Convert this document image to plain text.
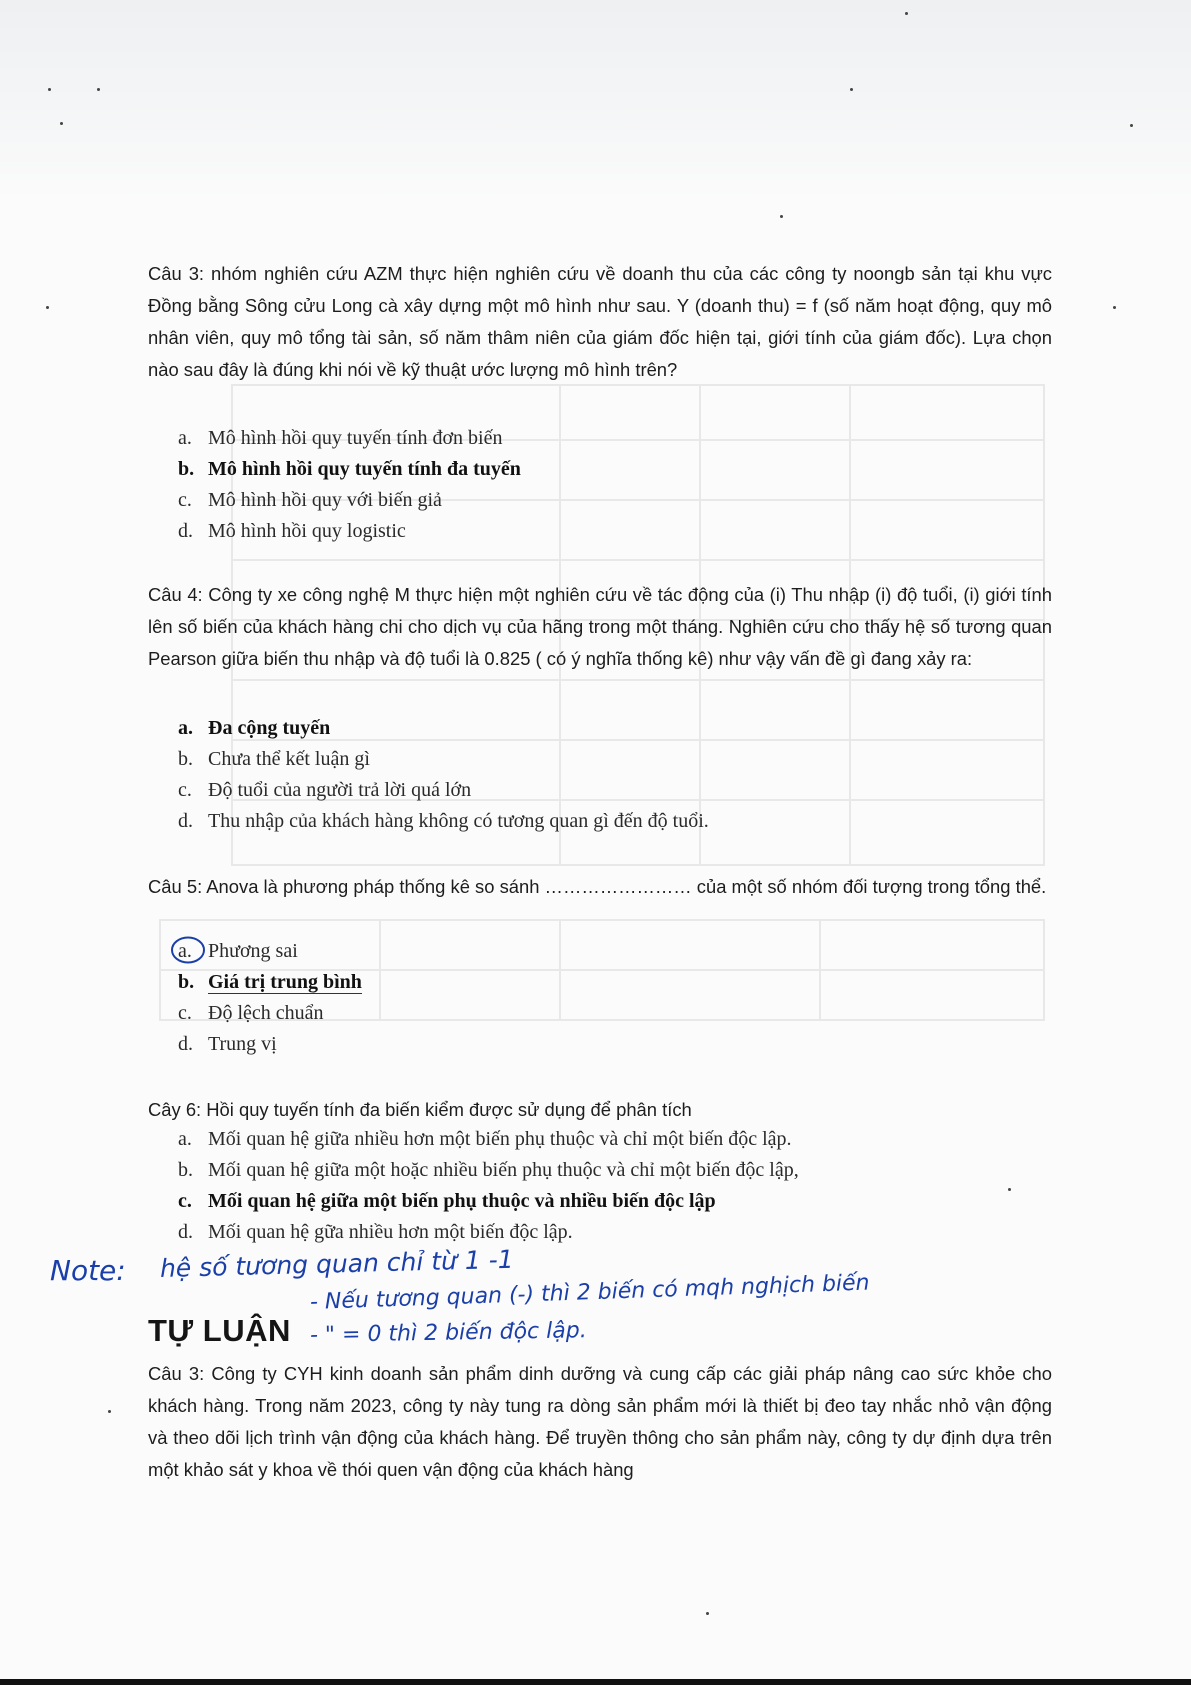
Câu 3: nhóm nghiên cứu AZM thực hiện nghiên cứu về doanh thu của các công ty noongb sản tại khu vực Đồng bằng Sông cửu Long cà xây dựng một mô hình như sau. Y (doanh thu) = f (số năm hoạt động, quy mô nhân viên, quy mô tổng tài sản, số năm thâm niên của giám đốc hiện tại, giới tính của giám đốc). Lựa chọn nào sau đây là đúng khi nói về kỹ thuật ước lượng mô hình trên?
a. Mô hình hồi quy tuyến tính đơn biến
b. Mô hình hồi quy tuyến tính đa tuyến
c. Mô hình hồi quy với biến giả
d. Mô hình hồi quy logistic
Câu 4: Công ty xe công nghệ M thực hiện một nghiên cứu về tác động của (i) Thu nhập (i) độ tuổi, (i) giới tính lên số biến của khách hàng chi cho dịch vụ của hãng trong một tháng. Nghiên cứu cho thấy hệ số tương quan Pearson giữa biến thu nhập và độ tuổi là 0.825 ( có ý nghĩa thống kê) như vậy vấn đề gì đang xảy ra:
a. Đa cộng tuyến
b. Chưa thể kết luận gì
c. Độ tuổi của người trả lời quá lớn
d. Thu nhập của khách hàng không có tương quan gì đến độ tuổi.
Câu 5: Anova là phương pháp thống kê so sánh …………………… của một số nhóm đối tượng trong tổng thể.
a. Phương sai
b. Giá trị trung bình
c. Độ lệch chuẩn
d. Trung vị
Cây 6: Hồi quy tuyến tính đa biến kiểm được sử dụng để phân tích
a. Mối quan hệ giữa nhiều hơn một biến phụ thuộc và chỉ một biến độc lập.
b. Mối quan hệ giữa một hoặc nhiều biến phụ thuộc và chỉ một biến độc lập,
c. Mối quan hệ giữa một biến phụ thuộc và nhiều biến độc lập
d. Mối quan hệ gữa nhiều hơn một biến độc lập.
TỰ LUẬN
Câu 3: Công ty CYH kinh doanh sản phẩm dinh dưỡng và cung cấp các giải pháp nâng cao sức khỏe cho khách hàng. Trong năm 2023, công ty này tung ra dòng sản phẩm mới là thiết bị đeo tay nhắc nhỏ vận động và theo dõi lịch trình vận động của khách hàng. Để truyền thông cho sản phẩm này, công ty dự định dựa trên một khảo sát y khoa về thói quen vận động của khách hàng
Note: hệ số tương quan chỉ từ 1 -1
- Nếu tương quan (-) thì 2 biến có mqh nghịch biến
- " = 0 thì 2 biến độc lập.
